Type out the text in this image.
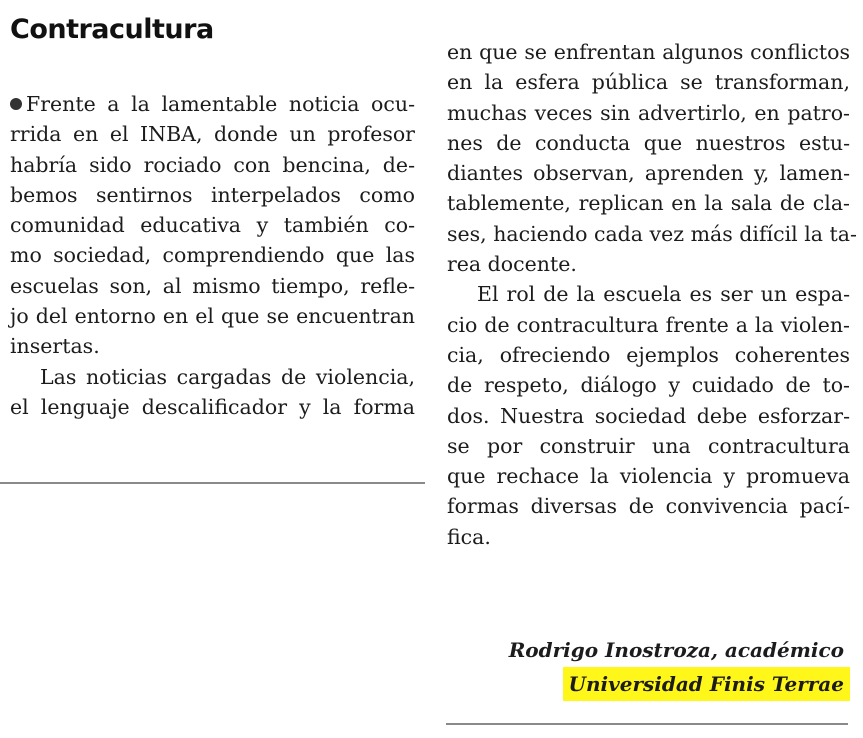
Contracultura
Frente a la lamentable noticia ocu-
rrida en el INBA, donde un profesor
habría sido rociado con bencina, de-
bemos sentirnos interpelados como
comunidad educativa y también co-
mo sociedad, comprendiendo que las
escuelas son, al mismo tiempo, refle-
jo del entorno en el que se encuentran
insertas.
Las noticias cargadas de violencia,
el lenguaje descalificador y la forma
en que se enfrentan algunos conflictos
en la esfera pública se transforman,
muchas veces sin advertirlo, en patro-
nes de conducta que nuestros estu-
diantes observan, aprenden y, lamen-
tablemente, replican en la sala de cla-
ses, haciendo cada vez más difícil la ta-
rea docente.
El rol de la escuela es ser un espa-
cio de contracultura frente a la violen-
cia, ofreciendo ejemplos coherentes
de respeto, diálogo y cuidado de to-
dos. Nuestra sociedad debe esforzar-
se por construir una contracultura
que rechace la violencia y promueva
formas diversas de convivencia pací-
fica.
Rodrigo Inostroza, académico
Universidad Finis Terrae
